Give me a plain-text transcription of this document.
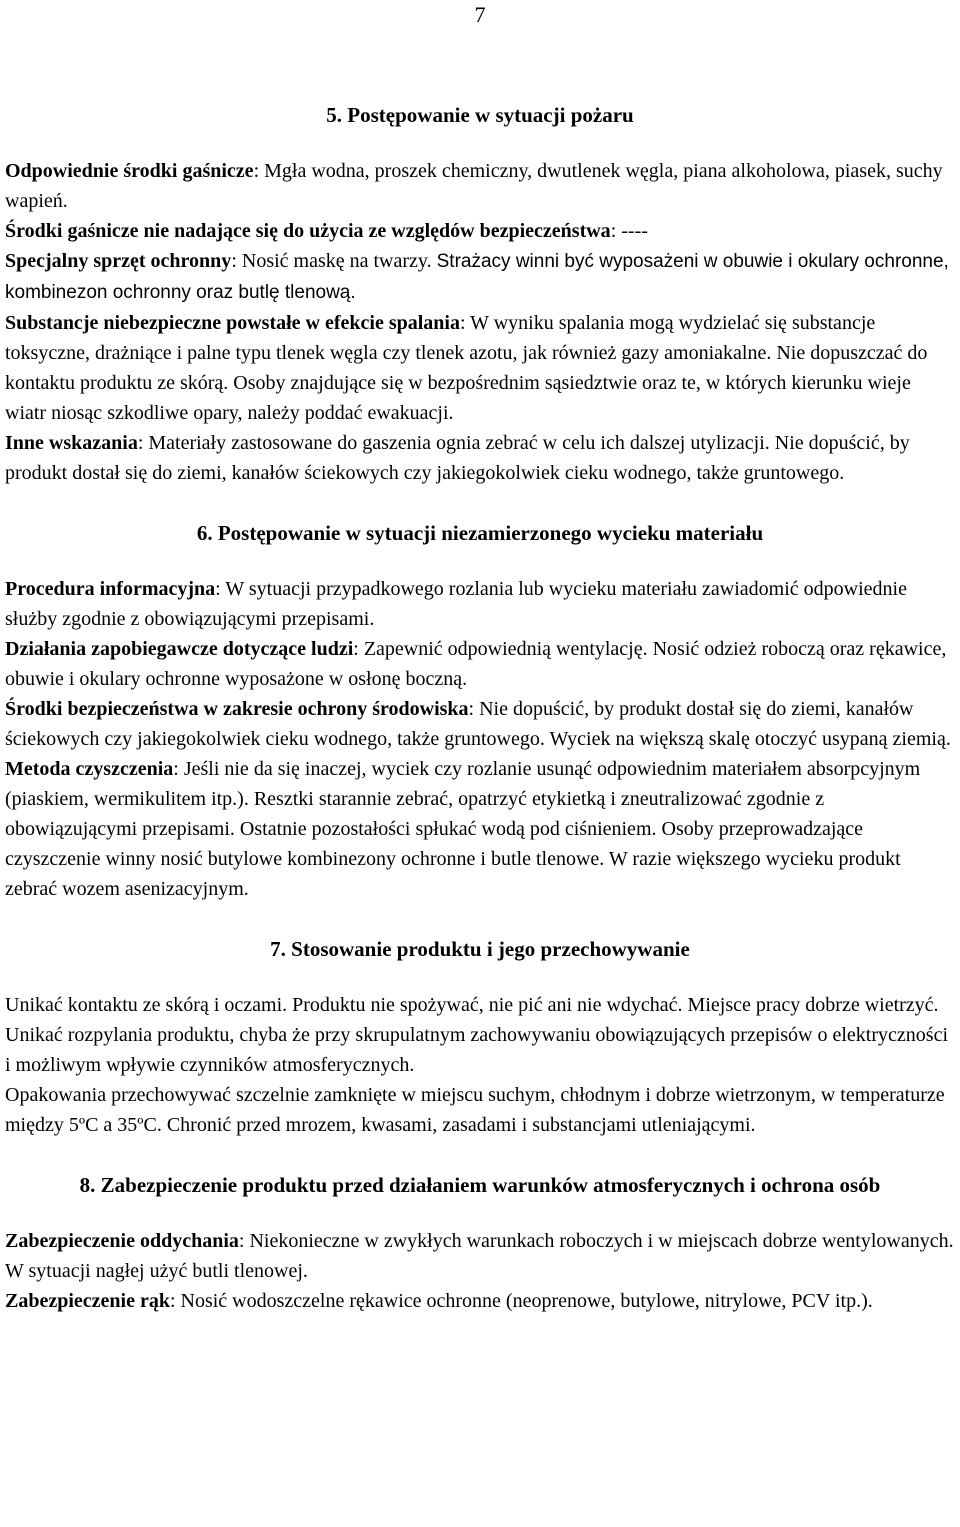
7
5. Postępowanie w sytuacji pożaru

Odpowiednie środki gaśnicze: Mgła wodna, proszek chemiczny, dwutlenek węgla, piana alkoholowa, piasek, suchy wapień.

Środki gaśnicze nie nadające się do użycia ze względów bezpieczeństwa: ----

Specjalny sprzęt ochronny: Nosić maskę na twarzy. Strażacy winni być wyposażeni w obuwie i okulary ochronne, kombinezon ochronny oraz butlę tlenową.

Substancje niebezpieczne powstałe w efekcie spalania: W wyniku spalania mogą wydzielać się substancje toksyczne, drażniące i palne typu tlenek węgla czy tlenek azotu, jak również gazy amoniakalne. Nie dopuszczać do kontaktu produktu ze skórą. Osoby znajdujące się w bezpośrednim sąsiedztwie oraz te, w których kierunku wieje wiatr niosąc szkodliwe opary, należy poddać ewakuacji.

Inne wskazania: Materiały zastosowane do gaszenia ognia zebrać w celu ich dalszej utylizacji. Nie dopuścić, by produkt dostał się do ziemi, kanałów ściekowych czy jakiegokolwiek cieku wodnego, także gruntowego.

6. Postępowanie w sytuacji niezamierzonego wycieku materiału

Procedura informacyjna: W sytuacji przypadkowego rozlania lub wycieku materiału zawiadomić odpowiednie służby zgodnie z obowiązującymi przepisami.

Działania zapobiegawcze dotyczące ludzi: Zapewnić odpowiednią wentylację. Nosić odzież roboczą oraz rękawice, obuwie i okulary ochronne wyposażone w osłonę boczną.

Środki bezpieczeństwa w zakresie ochrony środowiska: Nie dopuścić, by produkt dostał się do ziemi, kanałów ściekowych czy jakiegokolwiek cieku wodnego, także gruntowego. Wyciek na większą skalę otoczyć usypaną ziemią.

Metoda czyszczenia: Jeśli nie da się inaczej, wyciek czy rozlanie usunąć odpowiednim materiałem absorpcyjnym (piaskiem, wermikulitem itp.). Resztki starannie zebrać, opatrzyć etykietką i zneutralizować zgodnie z obowiązującymi przepisami. Ostatnie pozostałości spłukać wodą pod ciśnieniem. Osoby przeprowadzające czyszczenie winny nosić butylowe kombinezony ochronne i butle tlenowe. W razie większego wycieku produkt zebrać wozem asenizacyjnym.

7. Stosowanie produktu i jego przechowywanie

Unikać kontaktu ze skórą i oczami. Produktu nie spożywać, nie pić ani nie wdychać. Miejsce pracy dobrze wietrzyć. Unikać rozpylania produktu, chyba że przy skrupulatnym zachowywaniu obowiązujących przepisów o elektryczności i możliwym wpływie czynników atmosferycznych.

Opakowania przechowywać szczelnie zamknięte w miejscu suchym, chłodnym i dobrze wietrzonym, w temperaturze między 5ºC a 35ºC. Chronić przed mrozem, kwasami, zasadami i substancjami utleniającymi.

8. Zabezpieczenie produktu przed działaniem warunków atmosferycznych i ochrona osób

Zabezpieczenie oddychania: Niekonieczne w zwykłych warunkach roboczych i w miejscach dobrze wentylowanych. W sytuacji nagłej użyć butli tlenowej.

Zabezpieczenie rąk: Nosić wodoszczelne rękawice ochronne (neoprenowe, butylowe, nitrylowe, PCV itp.).
